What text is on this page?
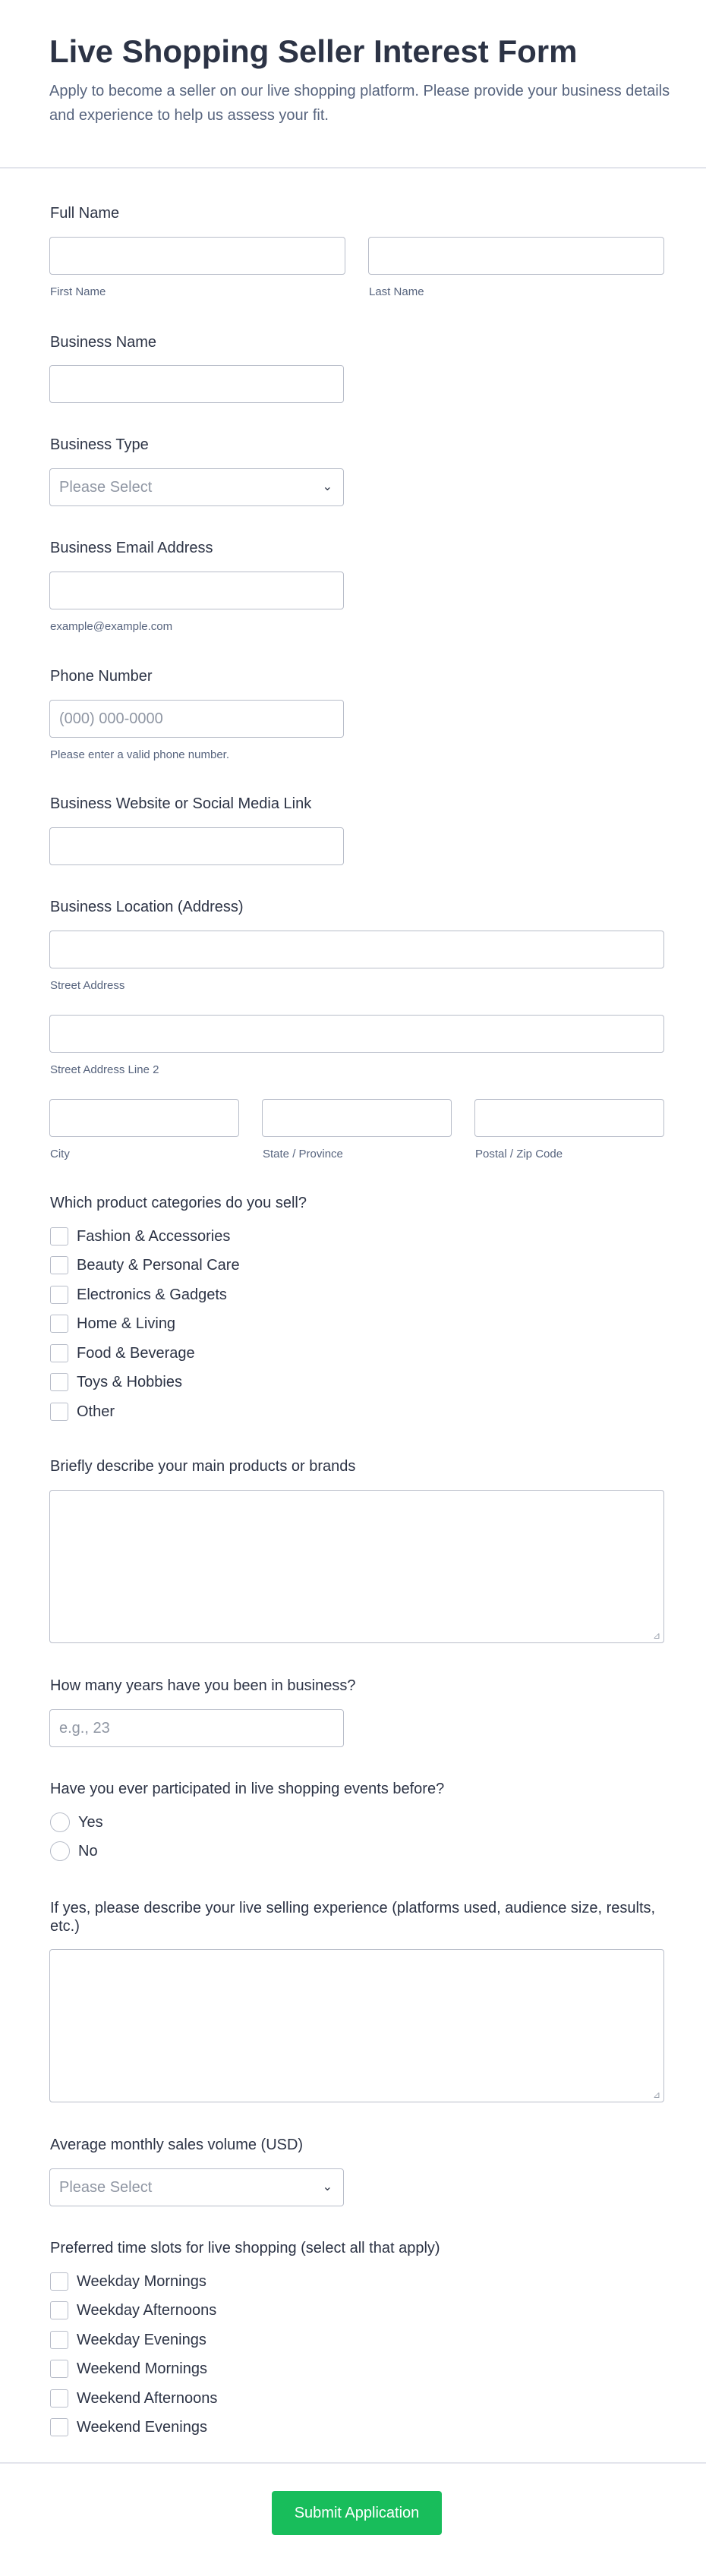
Live Shopping Seller Interest Form

Apply to become a seller on our live shopping platform. Please provide your business details and experience to help us assess your fit.

Full Name
First Name	Last Name
Business Name
Business Type
Please Select	⌄
Business Email Address
example@example.com
Phone Number
(000) 000-0000
Please enter a valid phone number.
Business Website or Social Media Link
Business Location (Address)
Street Address
Street Address Line 2
City	State / Province	Postal / Zip Code
Which product categories do you sell?
Fashion & Accessories
Beauty & Personal Care
Electronics & Gadgets
Home & Living
Food & Beverage
Toys & Hobbies
Other
Briefly describe your main products or brands
⊿
How many years have you been in business?
e.g., 23
Have you ever participated in live shopping events before?
Yes
No
If yes, please describe your live selling experience (platforms used, audience size, results, etc.)
⊿
Average monthly sales volume (USD)
Please Select	⌄
Preferred time slots for live shopping (select all that apply)
Weekday Mornings
Weekday Afternoons
Weekday Evenings
Weekend Mornings
Weekend Afternoons
Weekend Evenings
Submit Application
